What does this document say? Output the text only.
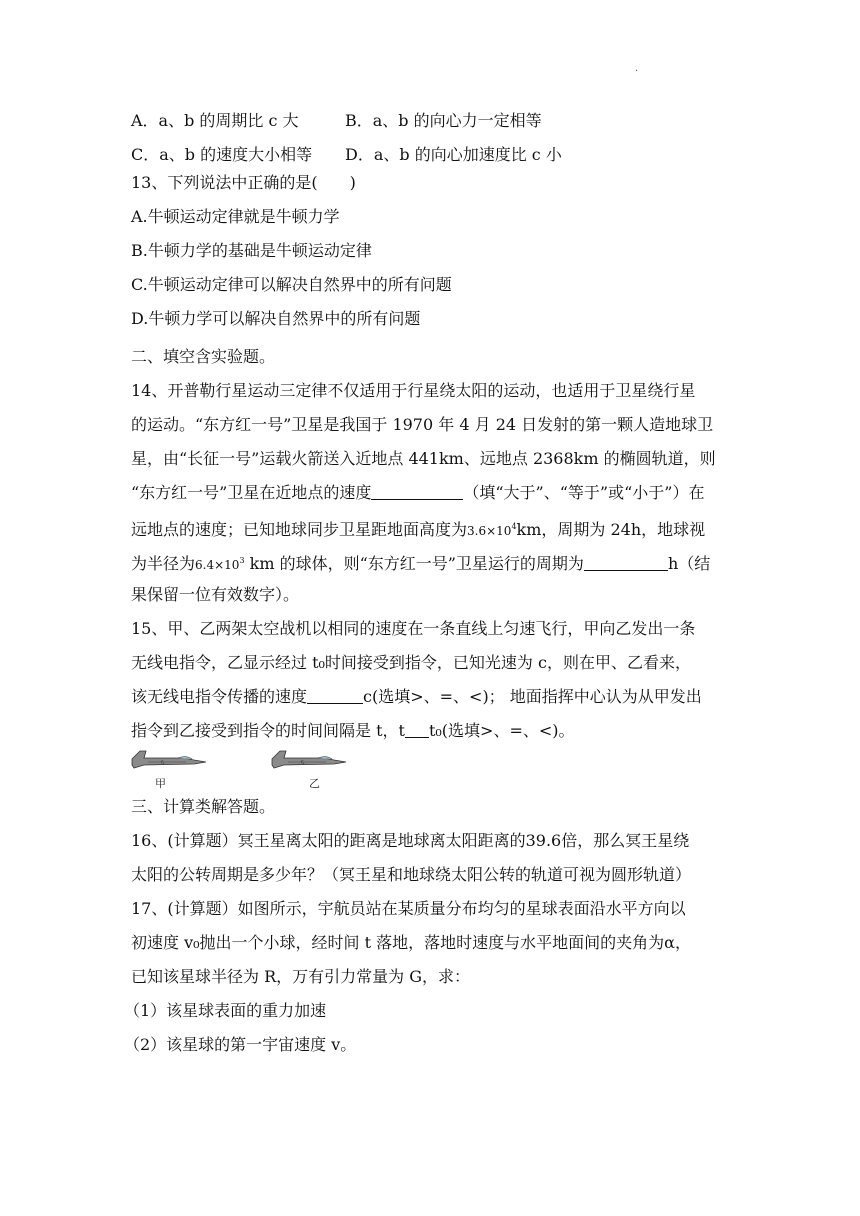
·
A．a、b 的周期比 c 大	B．a、b 的向心力一定相等
C．a、b 的速度大小相等 D．a、b 的向心加速度比 c 小
13、下列说法中正确的是(　　)
A.牛顿运动定律就是牛顿力学
B.牛顿力学的基础是牛顿运动定律
C.牛顿运动定律可以解决自然界中的所有问题
D.牛顿力学可以解决自然界中的所有问题
二、填空含实验题。
14、开普勒行星运动三定律不仅适用于行星绕太阳的运动，也适用于卫星绕行星
的运动。“东方红一号”卫星是我国于 1970 年 4 月 24 日发射的第一颗人造地球卫
星，由“长征一号”运载火箭送入近地点 441km、远地点 2368km 的椭圆轨道，则
“东方红一号”卫星在近地点的速度	（填“大于”、“等于”或“小于”）在
远地点的速度；已知地球同步卫星距地面高度为$3.6\times 10^4km$，周期为 24h，地球视
为半径为$6.4\times 10^3$ km 的球体，则“东方红一号”卫星运行的周期为	h（结
果保留一位有效数字）。
15、甲、乙两架太空战机以相同的速度在一条直线上匀速飞行，甲向乙发出一条
无线电指令，乙显示经过 t₀时间接受到指令，已知光速为 c，则在甲、乙看来，
该无线电指令传播的速度	c(选填>、=、<)； 地面指挥中心认为从甲发出
指令到乙接受到指令的时间间隔是 t，t t₀(选填>、=、<)。
ち	ち
甲	乙
三、计算类解答题。
16、(计算题）冥王星离太阳的距离是地球离太阳距离的39.6倍，那么冥王星绕
太阳的公转周期是多少年？（冥王星和地球绕太阳公转的轨道可视为圆形轨道）
17、(计算题）如图所示，宇航员站在某质量分布均匀的星球表面沿水平方向以
初速度 v₀抛出一个小球，经时间 t 落地，落地时速度与水平地面间的夹角为α，
已知该星球半径为 R，万有引力常量为 G，求：
（1）该星球表面的重力加速
（2）该星球的第一宇宙速度 v。
